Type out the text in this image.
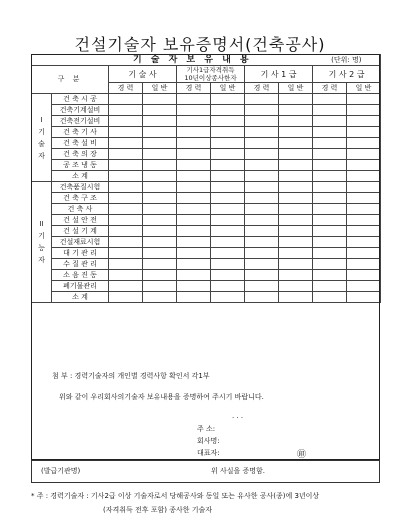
건설기술자 보유증명서(건축공사)
기 술 자 보 유 내 용								(단위: 명)	
구 분		기 술 사		기사1급자격취득
10년이상종사한자		기 사 1 급		기 사 2 급	
		경 력	일 반	경 력	일 반	경 력	일 반	경 력	일 반

I
기
술
자	건 축 시 공								
	건축기계설비								
	건축전기설비								
	건 축 기 사								
	건 축 설 비								
	건 축 의 장								
	공 조 냉 동								
	소 계								

II
기
능
자	건축품질시험								
	건 축 구 조								
	건 축 사								
	건 설 안 전								
	건 설 기 계								
	건설재료시험								
	대 기 관 리								
	수 질 관 리								
	소 음 진 동								
	폐기물관리								
	소 계								
첨 부 : 경력기술자의 개인별 경력사항 확인서 각1부
위와 같이 우리회사의기술자 보유내용을 증명하여 주시기 바랍니다.
. . .
주 소:
회사명:
대표자:	㊞
(발급기관명)	위 사실을 증명함.
* 주 : 경력기술자 : 기사2급 이상 기술자로서 당해공사와 동일 또는 유사한 공사(종)에 3년이상
(자격취득 전후 포함) 종사한 기술자
